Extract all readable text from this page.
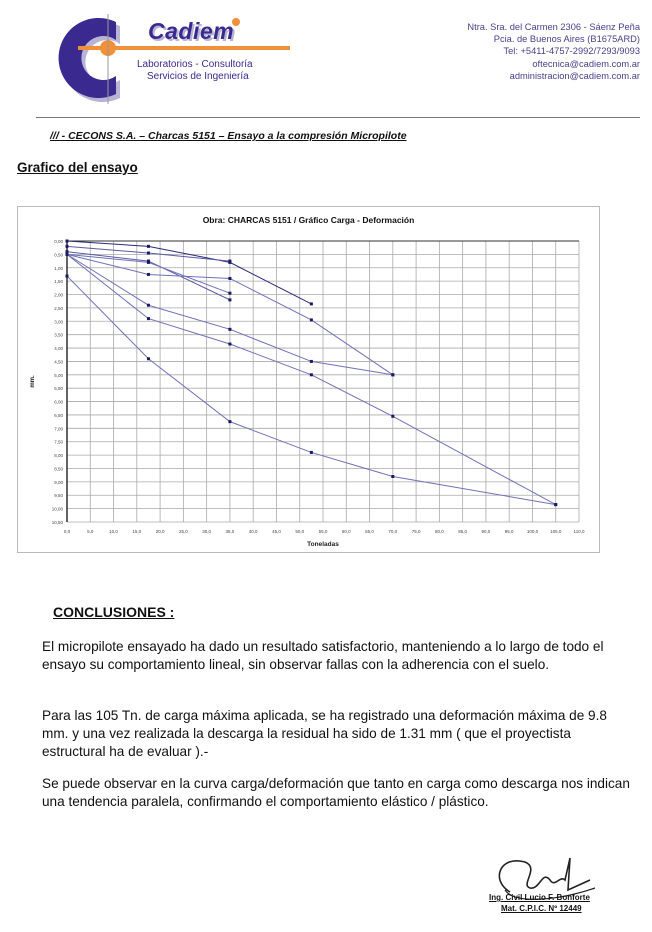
Cadiem
Laboratorios - Consultoría
Servicios de Ingeniería
Ntra. Sra. del Carmen 2306 - Sáenz Peña
Pcia. de Buenos Aires (B1675ARD)
Tel: +5411-4757-2992/7293/9093
oftecnica@cadiem.com.ar
administracion@cadiem.com.ar
/// - CECONS S.A. – Charcas 5151 – Ensayo a la compresión Micropilote
Grafico del ensayo
Obra: CHARCAS 5151 / Gráfico Carga - Deformación
0,00
0,50
1,00
1,50
2,00
2,50
3,00
3,50
4,00
4,50
5,00
5,50
6,00
6,50
7,00
7,50
8,00
8,50
9,00
9,50
10,00
10,50
0,0	5,0	10,0	15,0	20,0	25,0	30,0	35,0	40,0	45,0	50,0	55,0	60,0	65,0	70,0	75,0	80,0	85,0	90,0	95,0	100,0	105,0	110,0
Toneladas
mm.
CONCLUSIONES :
El micropilote ensayado ha dado un resultado satisfactorio, manteniendo a lo largo de todo el ensayo su comportamiento lineal, sin observar fallas con la adherencia con el suelo.
Para las 105 Tn. de carga máxima aplicada, se ha registrado una deformación máxima de 9.8 mm. y una vez realizada la descarga la residual ha sido de 1.31 mm ( que el proyectista estructural ha de evaluar ).-
Se puede observar en la curva carga/deformación que tanto en carga como descarga nos indican una tendencia paralela, confirmando el comportamiento elástico / plástico.
Ing. Civil Lucio F. Bonforte
Mat. C.P.I.C. Nº 12449
